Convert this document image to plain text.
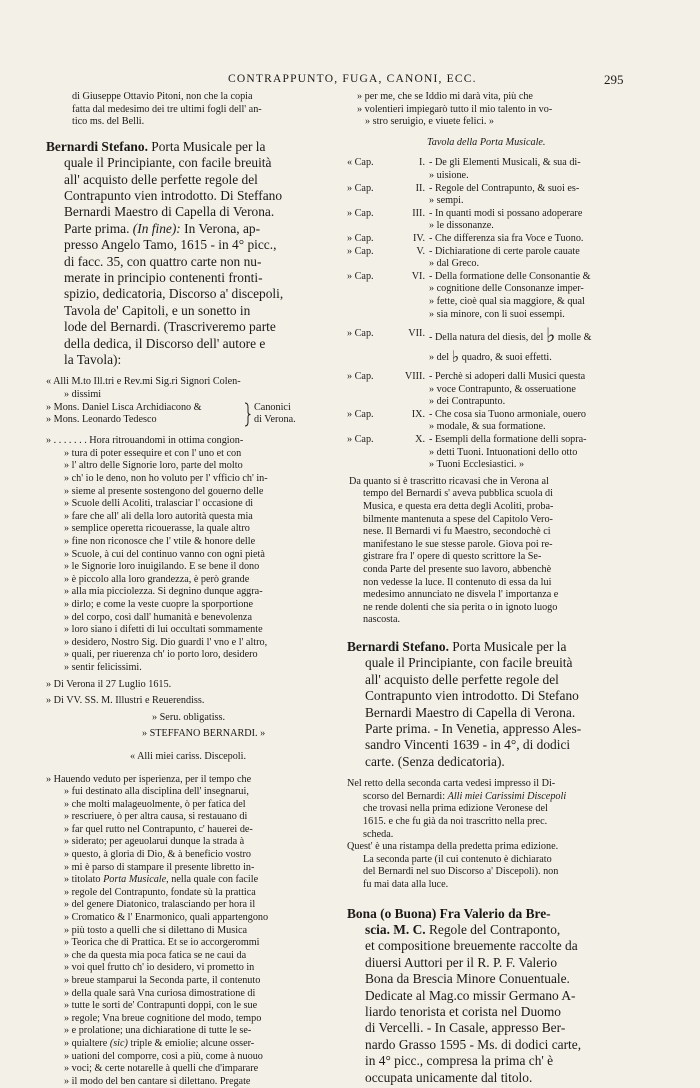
CONTRAPPUNTO, FUGA, CANONI, ECC.	295

di Giuseppe Ottavio Pitoni, non che la copia

fatta dal medesimo dei tre ultimi fogli dell' an-

tico ms. del Belli.

Bernardi Stefano. Porta Musicale per la

quale il Principiante, con facile breuità

all' acquisto delle perfette regole del

Contrapunto vien introdotto. Di Steffano

Bernardi Maestro di Capella di Verona.

Parte prima. (In fine): In Verona, ap-

presso Angelo Tamo, 1615 - in 4° picc.,

di facc. 35, con quattro carte non nu-

merate in principio contenenti fronti-

spizio, dedicatoria, Discorso a' discepoli,

Tavola de' Capitoli, e un sonetto in

lode del Bernardi. (Trascriveremo parte

della dedica, il Discorso dell' autore e

la Tavola):

« Alli M.to Ill.tri e Rev.mi Sig.ri Signori Colen-

» dissimi

» Mons. Daniel Lisca Archidiacono &
» Mons. Leonardo Tedesco
Canonici
di Verona.

» . . . . . . . Hora ritrouandomi in ottima congion-

» tura di poter essequire et con l' uno et con

» l' altro delle Signorie loro, parte del molto

» ch' io le deno, non ho voluto per l' vfficio ch' in-

» sieme al presente sostengono del gouerno delle

» Scuole delli Acoliti, tralasciar l' occasione di

» fare che all' ali della loro autorità questa mia

» semplice operetta ricouerasse, la quale altro

» fine non riconosce che l' vtile & honore delle

» Scuole, à cui del continuo vanno con ogni pietà

» le Signorie loro inuigilando. E se bene il dono

» è piccolo alla loro grandezza, è però grande

» alla mia picciolezza. Si degnino dunque aggra-

» dirlo; e come la veste cuopre la sporportione

» del corpo, così dall' humanità e benevolenza

» loro siano i difetti di lui occultati sommamente

» desidero, Nostro Sig. Dio guardi l' vno e l' altro,

» quali, per riuerenza ch' io porto loro, desidero

» sentir felicissimi.

» Di Verona il 27 Luglio 1615.

» Di VV. SS. M. Illustri e Reuerendiss.

» Seru. obligatiss.

» STEFFANO BERNARDI. »

« Alli miei cariss. Discepoli.

» Hauendo veduto per isperienza, per il tempo che

» fui destinato alla disciplina dell' insegnarui,

» che molti malageuolmente, ò per fatica del

» rescriuere, ò per altra causa, si restauano di

» far quel rutto nel Contrapunto, c' hauerei de-

» siderato; per ageuolarui dunque la strada à

» questo, à gloria di Dio, & à beneficio vostro

» mi è parso di stampare il presente libretto in-

» titolato Porta Musicale, nella quale con facile

» regole del Contrapunto, fondate sù la prattica

» del genere Diatonico, tralasciando per hora il

» Cromatico & l' Enarmonico, quali appartengono

» più tosto a quelli che si dilettano di Musica

» Teorica che di Prattica. Et se io accorgerommi

» che da questa mia poca fatica se ne caui da

» voi quel frutto ch' io desidero, vi prometto in

» breue stamparui la Seconda parte, il contenuto

» della quale sarà Vna curiosa dimostratione di

» tutte le sorti de' Contrapunti doppi, con le sue

» regole; Vna breue cognitione del modo, tempo

» e prolatione; una dichiaratione di tutte le se-

» quialtere (sic) triple & emiolie; alcune osser-

» uationi del comporre, così a più, come à nuouo

» voci; & certe notarelle à quelli che d'imparare

» il modo del ben cantare si dilettano. Pregate

» per me, che se Iddio mi darà vita, più che

» volentieri impiegarò tutto il mio talento in vo-

» stro seruigio, e viuete felici. »

Tavola della Porta Musicale.

« Cap.	I. - De gli Elementi Musicali, & sua di-
» uisione.
» Cap.	II. - Regole del Contrapunto, & suoi es-
» sempi.
» Cap.	III. - In quanti modi si possano adoperare
» le dissonanze.
» Cap.	IV. - Che differenza sia fra Voce e Tuono.
» Cap.	V. - Dichiaratione di certe parole cauate
» dal Greco.
» Cap.	VI. - Della formatione delle Consonantie &
» cognitione delle Consonanze imper-
» fette, cioè qual sia maggiore, & qual
» sia minore, con li suoi essempi.
» Cap.	VII. - Della natura del diesis, del ♭ molle &
» del ♭ quadro, & suoi effetti.
» Cap.	VIII. - Perchè si adoperi dalli Musici questa
» voce Contrapunto, & osseruatione
» dei Contrapunto.
» Cap.	IX. - Che cosa sia Tuono armoniale, ouero
» modale, & sua formatione.
» Cap.	X. - Esempli della formatione delli sopra-
» detti Tuoni. Intuonationi dello otto
» Tuoni Ecclesiastici. »

Da quanto si è trascritto ricavasi che in Verona al

tempo del Bernardi s' aveva pubblica scuola di

Musica, e questa era detta degli Acoliti, proba-

bilmente mantenuta a spese del Capitolo Vero-

nese. Il Bernardi vi fu Maestro, secondochè ci

manifestano le sue stesse parole. Giova poi re-

gistrare fra l' opere di questo scrittore la Se-

conda Parte del presente suo lavoro, abbenchè

non vedesse la luce. Il contenuto di essa da lui

medesimo annunciato ne disvela l' importanza e

ne rende dolenti che sia perita o in ignoto luogo

nascosta.

Bernardi Stefano. Porta Musicale per la

quale il Principiante, con facile breuità

all' acquisto delle perfette regole del

Contrapunto vien introdotto. Di Stefano

Bernardi Maestro di Capella di Verona.

Parte prima. - In Venetia, appresso Ales-

sandro Vincenti 1639 - in 4°, di dodici

carte. (Senza dedicatoria).

Nel retto della seconda carta vedesi impresso il Di-

scorso del Bernardi: Alli miei Carissimi Discepoli

che trovasi nella prima edizione Veronese del

1615. e che fu già da noi trascritto nella prec.

scheda.

Quest' è una ristampa della predetta prima edizione.

La seconda parte (il cui contenuto è dichiarato

del Bernardi nel suo Discorso a' Discepoli). non

fu mai data alla luce.

Bona (o Buona) Fra Valerio da Bre-

scia. M. C. Regole del Contraponto,

et compositione breuemente raccolte da

diuersi Auttori per il R. P. F. Valerio

Bona da Brescia Minore Conuentuale.

Dedicate al Mag.co missir Germano A-

liardo tenorista et corista nel Duomo

di Vercelli. - In Casale, appresso Ber-

nardo Grasso 1595 - Ms. di dodici carte,

in 4° picc., compresa la prima ch' è

occupata unicamente dal titolo.
